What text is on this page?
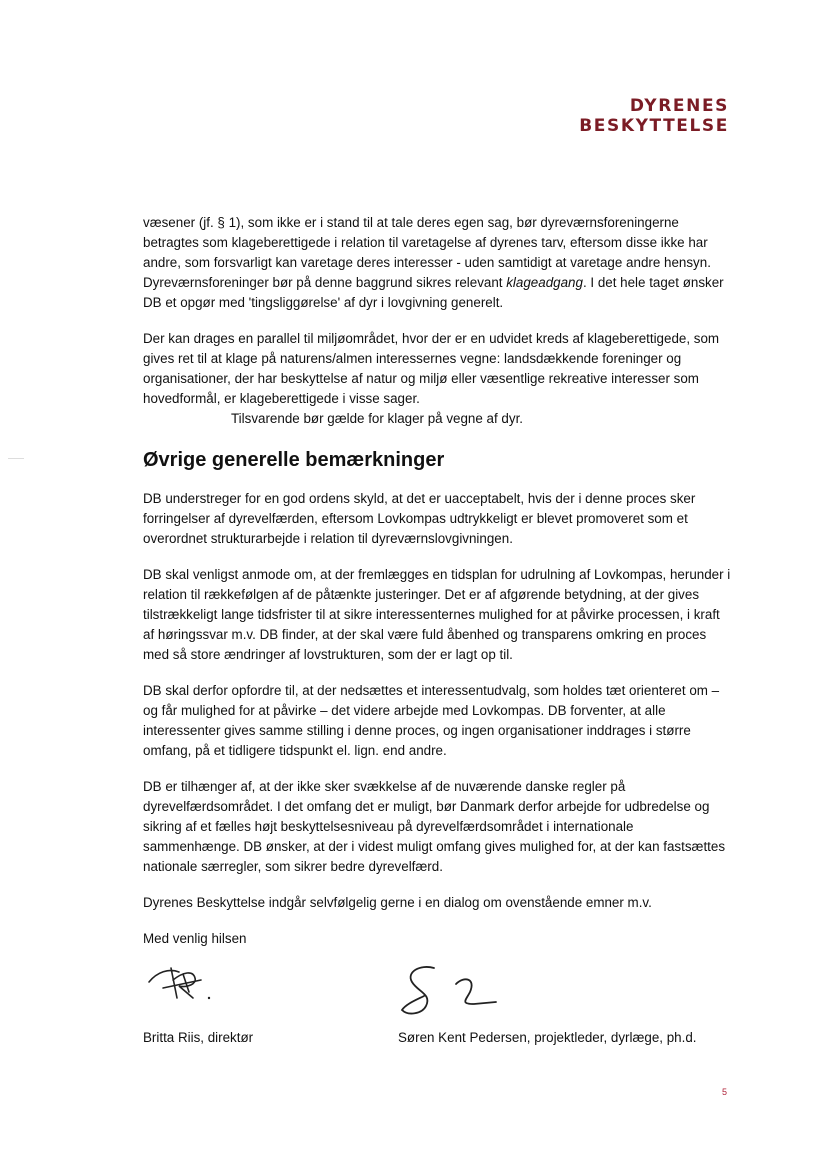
DYRENES
BESKYTTELSE

væsener (jf. § 1), som ikke er i stand til at tale deres egen sag, bør dyreværnsforeningerne betragtes som klageberettigede i relation til varetagelse af dyrenes tarv, eftersom disse ikke har andre, som forsvarligt kan varetage deres interesser - uden samtidigt at varetage andre hensyn. Dyreværnsforeninger bør på denne baggrund sikres relevant klageadgang. I det hele taget ønsker DB et opgør med 'tingsliggørelse' af dyr i lovgivning generelt.

Der kan drages en parallel til miljøområdet, hvor der er en udvidet kreds af klageberettigede, som gives ret til at klage på naturens/almen interessernes vegne: landsdækkende foreninger og organisationer, der har beskyttelse af natur og miljø eller væsentlige rekreative interesser som hovedformål, er klageberettigede i visse sager.
Tilsvarende bør gælde for klager på vegne af dyr.

Øvrige generelle bemærkninger

DB understreger for en god ordens skyld, at det er uacceptabelt, hvis der i denne proces sker forringelser af dyrevelfærden, eftersom Lovkompas udtrykkeligt er blevet promoveret som et overordnet strukturarbejde i relation til dyreværnslovgivningen.

DB skal venligst anmode om, at der fremlægges en tidsplan for udrulning af Lovkompas, herunder i relation til rækkefølgen af de påtænkte justeringer. Det er af afgørende betydning, at der gives tilstrækkeligt lange tidsfrister til at sikre interessenternes mulighed for at påvirke processen, i kraft af høringssvar m.v. DB finder, at der skal være fuld åbenhed og transparens omkring en proces med så store ændringer af lovstrukturen, som der er lagt op til.

DB skal derfor opfordre til, at der nedsættes et interessentudvalg, som holdes tæt orienteret om – og får mulighed for at påvirke – det videre arbejde med Lovkompas. DB forventer, at alle interessenter gives samme stilling i denne proces, og ingen organisationer inddrages i større omfang, på et tidligere tidspunkt el. lign. end andre.

DB er tilhænger af, at der ikke sker svækkelse af de nuværende danske regler på dyrevelfærdsområdet. I det omfang det er muligt, bør Danmark derfor arbejde for udbredelse og sikring af et fælles højt beskyttelsesniveau på dyrevelfærdsområdet i internationale sammenhænge. DB ønsker, at der i videst muligt omfang gives mulighed for, at der kan fastsættes nationale særregler, som sikrer bedre dyrevelfærd.

Dyrenes Beskyttelse indgår selvfølgelig gerne i en dialog om ovenstående emner m.v.

Med venlig hilsen

Britta Riis, direktør	Søren Kent Pedersen, projektleder, dyrlæge, ph.d.
5
